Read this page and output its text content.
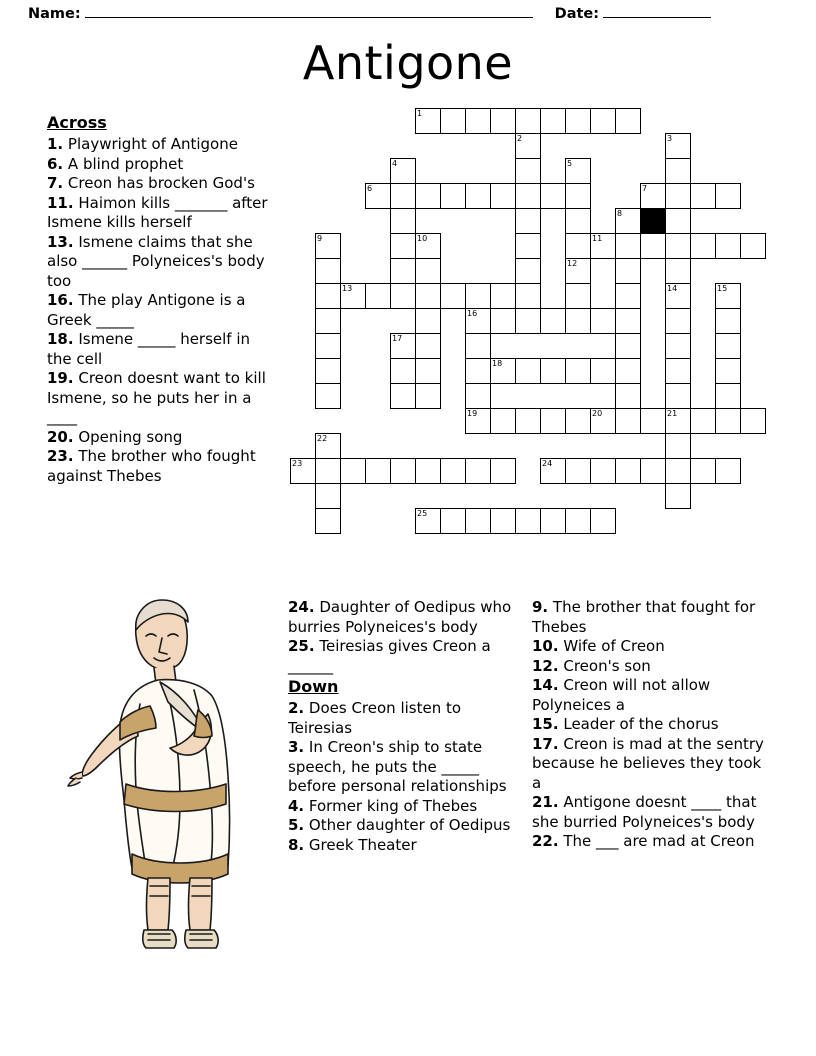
Name:	Date:
Antigone
Across
1. Playwright of Antigone
6. A blind prophet
7. Creon has brocken God's
11. Haimon kills _______ after Ismene kills herself
13. Ismene claims that she also ______ Polyneices's body too
16. The play Antigone is a Greek _____
18. Ismene _____ herself in the cell
19. Creon doesnt want to kill Ismene, so he puts her in a ____
20. Opening song
23. The brother who fought against Thebes
24. Daughter of Oedipus who burries Polyneices's body
25. Teiresias gives Creon a ______
Down
2. Does Creon listen to Teiresias
3. In Creon's ship to state speech, he puts the _____ before personal relationships
4. Former king of Thebes
5. Other daughter of Oedipus
8. Greek Theater
9. The brother that fought for Thebes
10. Wife of Creon
12. Creon's son
14. Creon will not allow Polyneices a
15. Leader of the chorus
17. Creon is mad at the sentry because he believes they took a
21. Antigone doesnt ____ that she burried Polyneices's body
22. The ___ are mad at Creon
1
2	3
4	5
6	7
8
9	10	11
12
13	14	15
16
17
18
19	20	21
22
23	24
25
